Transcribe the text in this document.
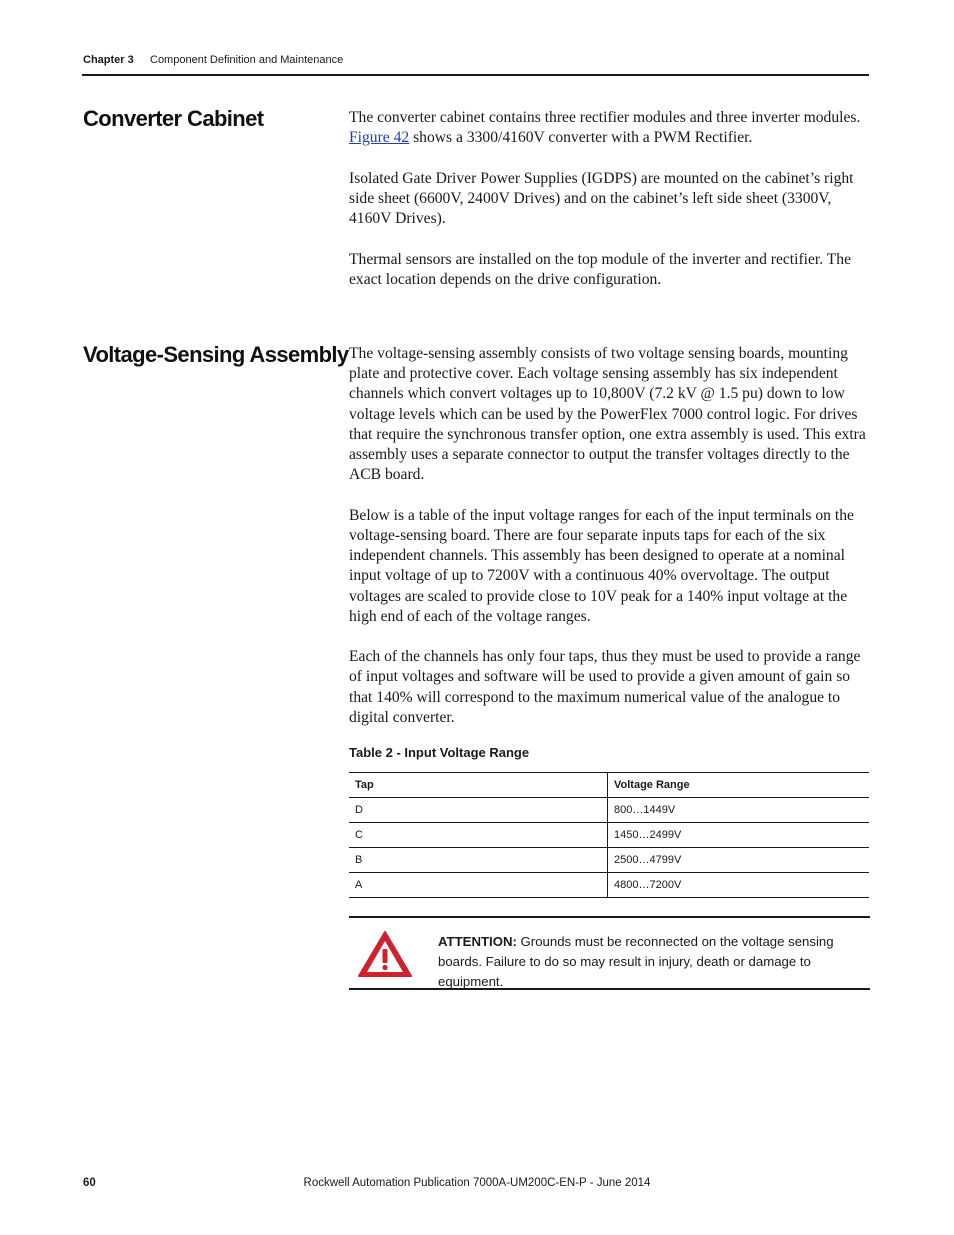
Chapter 3 Component Definition and Maintenance
Converter Cabinet	The converter cabinet contains three rectifier modules and three inverter modules. Figure 42 shows a 3300/4160V converter with a PWM Rectifier.

Isolated Gate Driver Power Supplies (IGDPS) are mounted on the cabinet’s right side sheet (6600V, 2400V Drives) and on the cabinet’s left side sheet (3300V, 4160V Drives).

Thermal sensors are installed on the top module of the inverter and rectifier. The exact location depends on the drive configuration.

Voltage-Sensing Assembly The voltage-sensing assembly consists of two voltage sensing boards, mounting plate and protective cover. Each voltage sensing assembly has six independent channels which convert voltages up to 10,800V (7.2 kV @ 1.5 pu) down to low voltage levels which can be used by the PowerFlex 7000 control logic. For drives that require the synchronous transfer option, one extra assembly is used. This extra assembly uses a separate connector to output the transfer voltages directly to the ACB board.

Below is a table of the input voltage ranges for each of the input terminals on the voltage-sensing board. There are four separate inputs taps for each of the six independent channels. This assembly has been designed to operate at a nominal input voltage of up to 7200V with a continuous 40% overvoltage. The output voltages are scaled to provide close to 10V peak for a 140% input voltage at the high end of each of the voltage ranges.

Each of the channels has only four taps, thus they must be used to provide a range of input voltages and software will be used to provide a given amount of gain so that 140% will correspond to the maximum numerical value of the analogue to digital converter.

Table 2 - Input Voltage Range
Tap	Voltage Range
D	800…1449V
C	1450…2499V
B	2500…4799V
A	4800…7200V
ATTENTION: Grounds must be reconnected on the voltage sensing boards. Failure to do so may result in injury, death or damage to equipment.
Rockwell Automation Publication 7000A-UM200C-EN-P - June 2014
60
